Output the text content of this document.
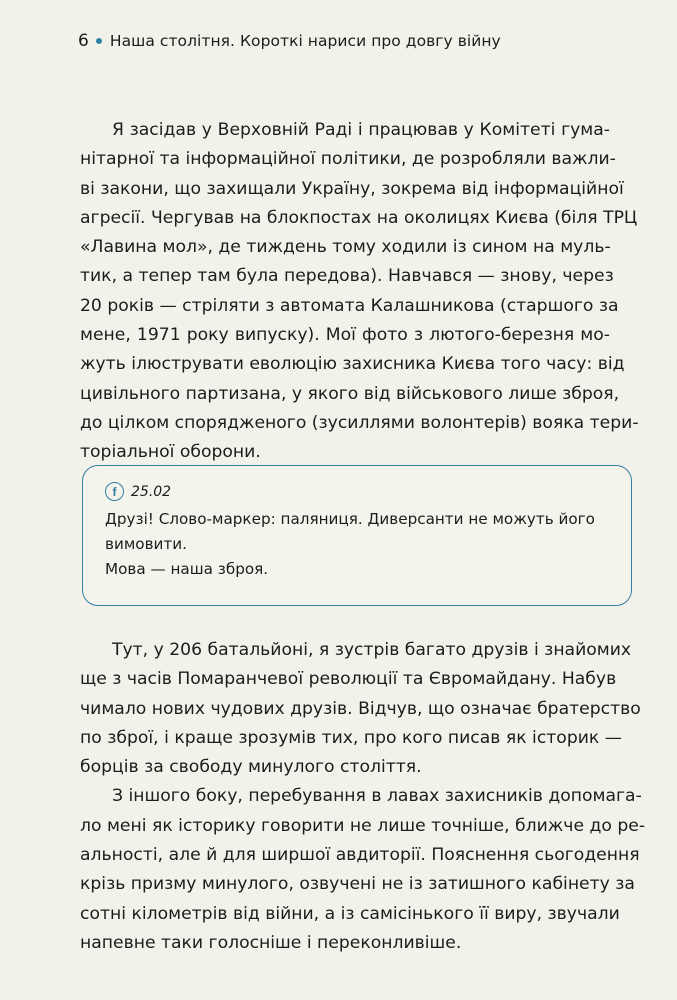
6 Наша столітня. Короткі нариси про довгу війну
Я засідав у Верховній Раді і працював у Комітеті гума-
нітарної та інформаційної політики, де розробляли важли-
ві закони, що захищали Україну, зокрема від інформаційної
агресії. Чергував на блокпостах на околицях Києва (біля ТРЦ
«Лавина мол», де тиждень тому ходили із сином на муль-
тик, а тепер там була передова). Навчався — знову, через
20 років — стріляти з автомата Калашникова (старшого за
мене, 1971 року випуску). Мої фото з лютого-березня мо-
жуть ілюструвати еволюцію захисника Києва того часу: від
цивільного партизана, у якого від військового лише зброя,
до цілком спорядженого (зусиллями волонтерів) вояка тери-
торіальної оборони.
f	25.02
Друзі! Слово-маркер: паляниця. Диверсанти не можуть його
вимовити.
Мова — наша зброя.
Тут, у 206 батальйоні, я зустрів багато друзів і знайомих
ще з часів Помаранчевої революції та Євромайдану. Набув
чимало нових чудових друзів. Відчув, що означає братерство
по зброї, і краще зрозумів тих, про кого писав як історик —
борців за свободу минулого століття.
З іншого боку, перебування в лавах захисників допомага-
ло мені як історику говорити не лише точніше, ближче до ре-
альності, але й для ширшої авдиторії. Пояснення сьогодення
крізь призму минулого, озвучені не із затишного кабінету за
сотні кілометрів від війни, а із самісінького її виру, звучали
напевне таки голосніше і переконливіше.
